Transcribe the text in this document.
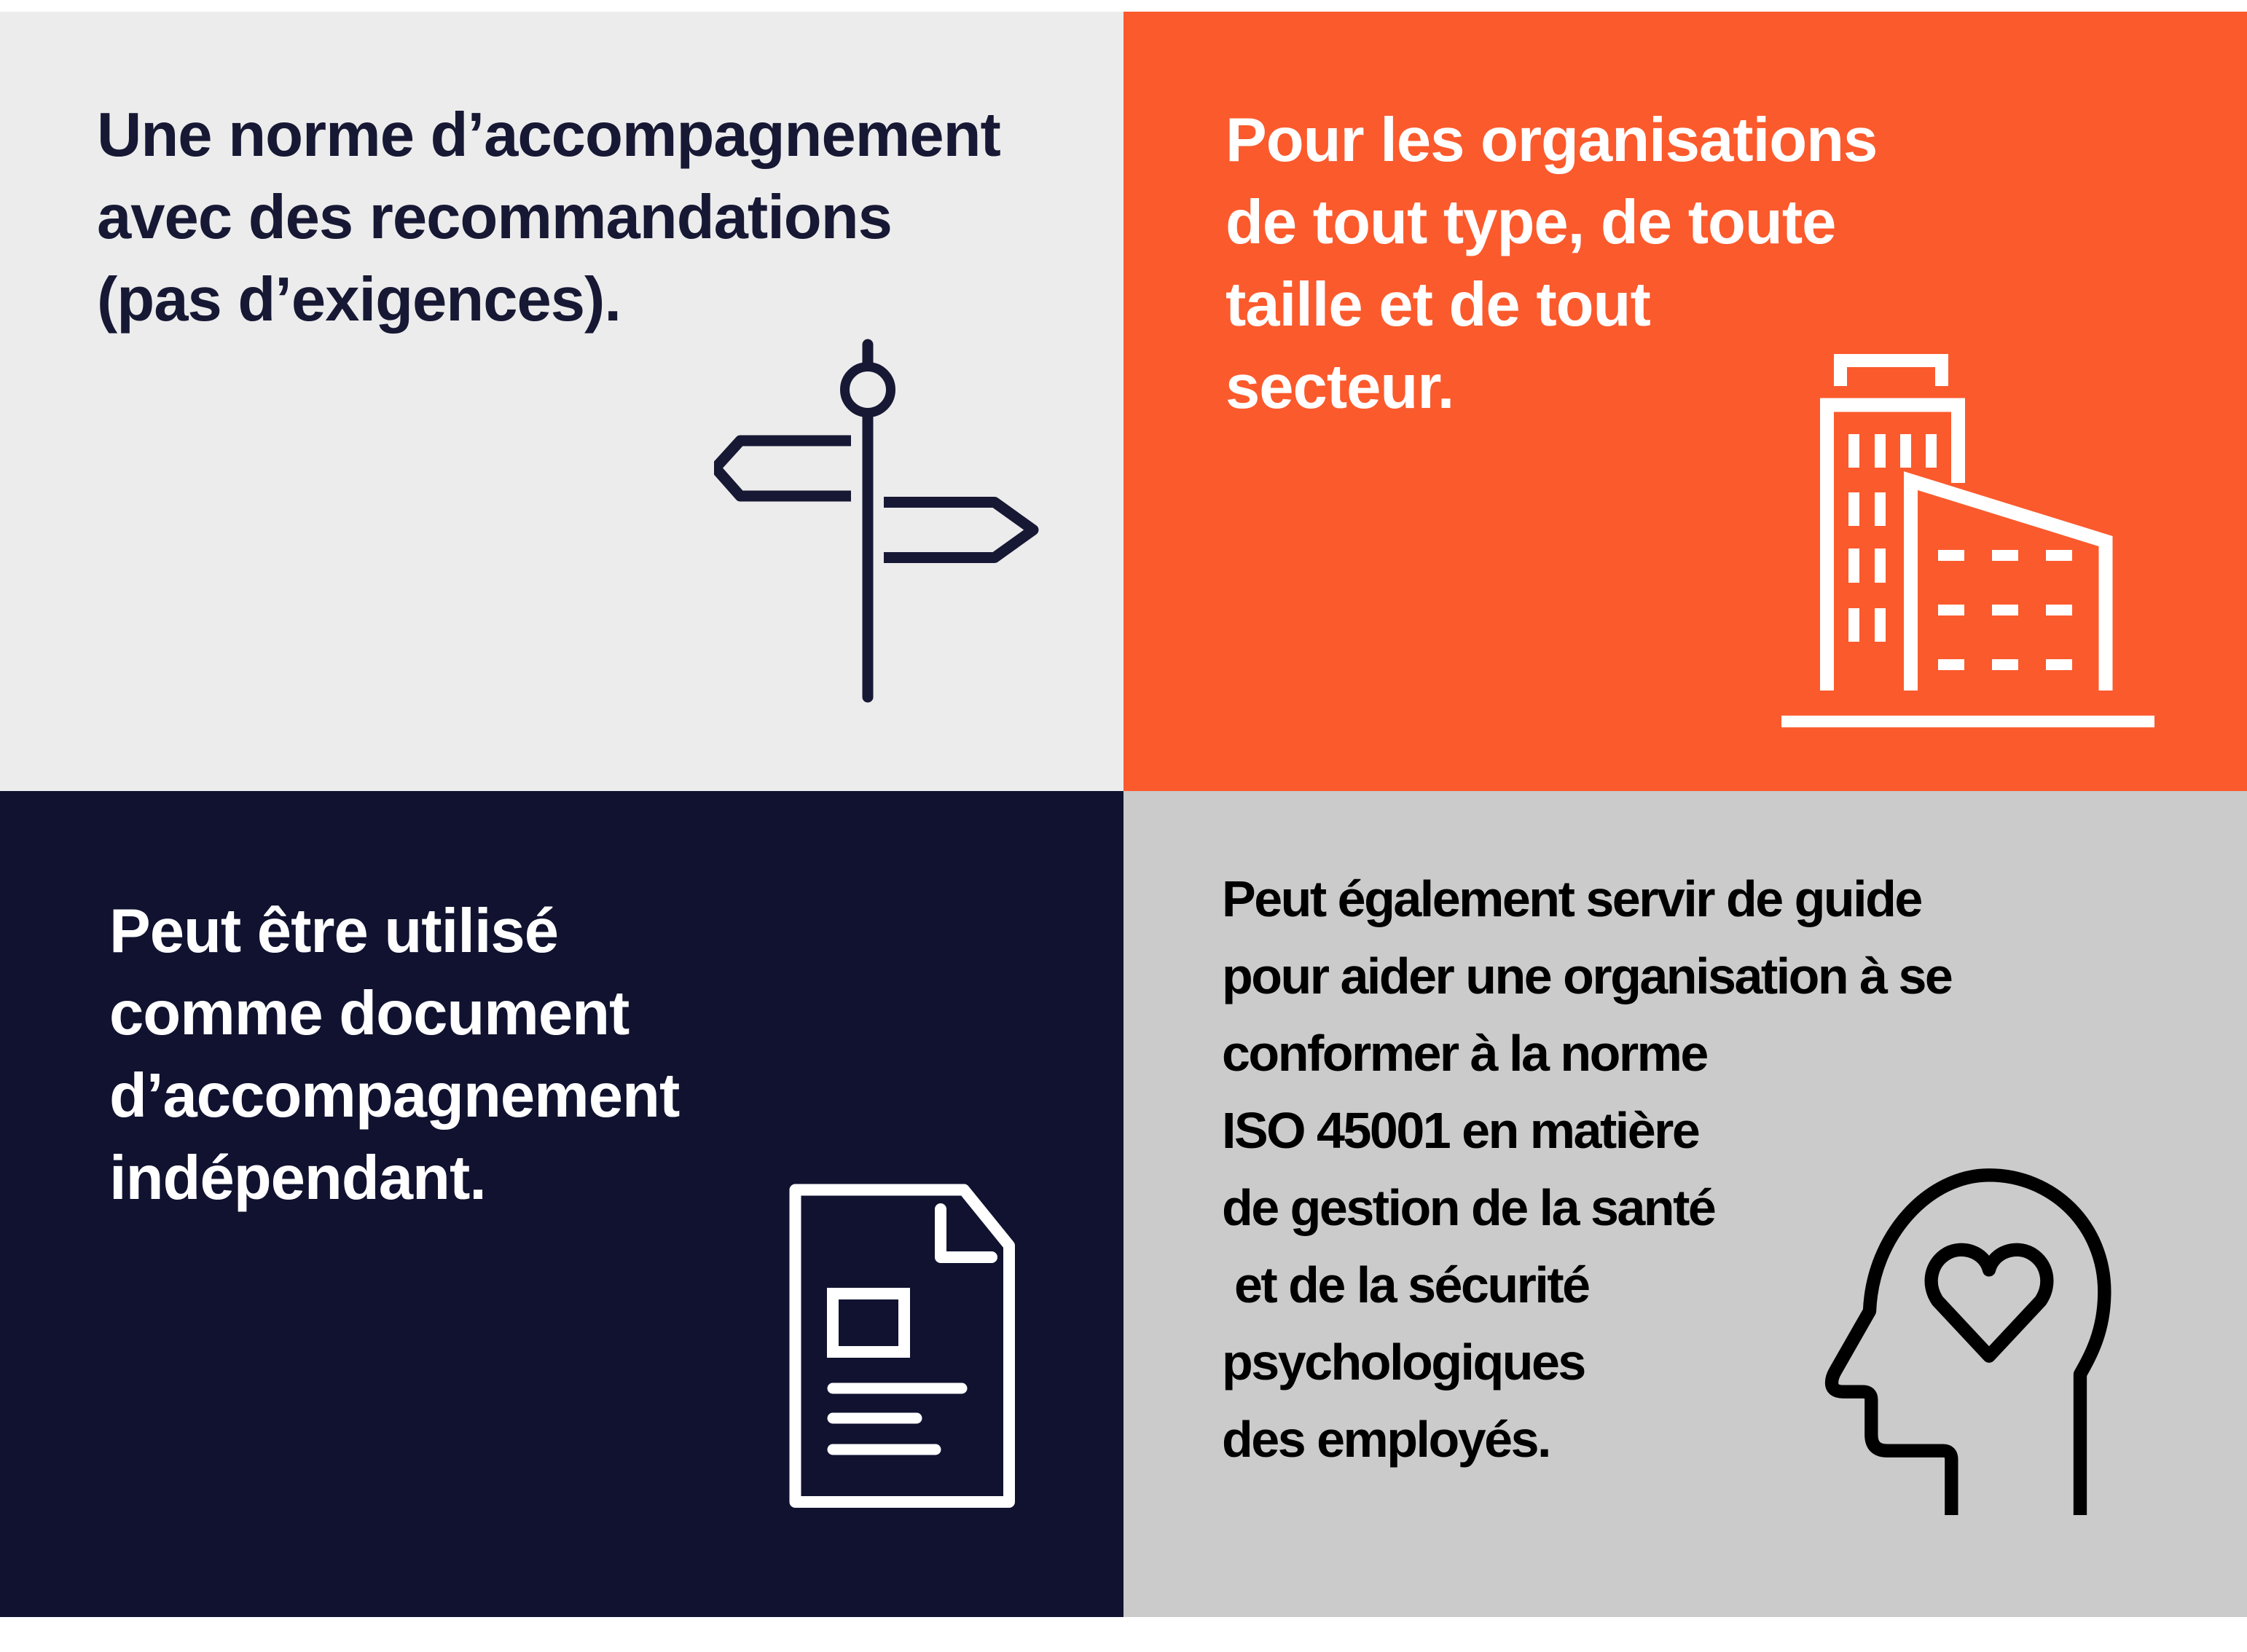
Une norme d’accompagnement
avec des recommandations
(pas d’exigences).
Pour les organisations
de tout type, de toute
taille et de tout
secteur.
Peut être utilisé
comme document
d’accompagnement
indépendant.
Peut également servir de guide
pour aider une organisation à se
conformer à la norme
ISO 45001 en matière
de gestion de la santé
et de la sécurité
psychologiques
des employés.
